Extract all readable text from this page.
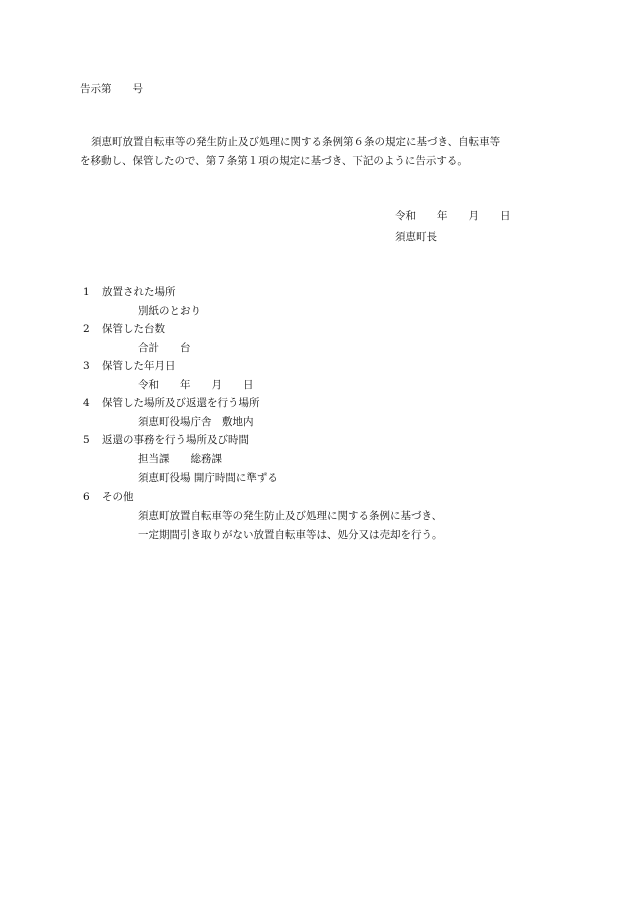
告示第　　号
須恵町放置自転車等の発生防止及び処理に関する条例第６条の規定に基づき、自転車等
を移動し、保管したので、第７条第１項の規定に基づき、下記のように告示する。
令和　　年　　月　　日
須恵町長
1 放置された場所
別紙のとおり
2 保管した台数
合計　　台
3 保管した年月日
令和　　年　　月　　日
4 保管した場所及び返還を行う場所
須恵町役場庁舎　敷地内
5 返還の事務を行う場所及び時間
担当課　　総務課
須恵町役場 開庁時間に準ずる
6 その他
須恵町放置自転車等の発生防止及び処理に関する条例に基づき、
一定期間引き取りがない放置自転車等は、処分又は売却を行う。
